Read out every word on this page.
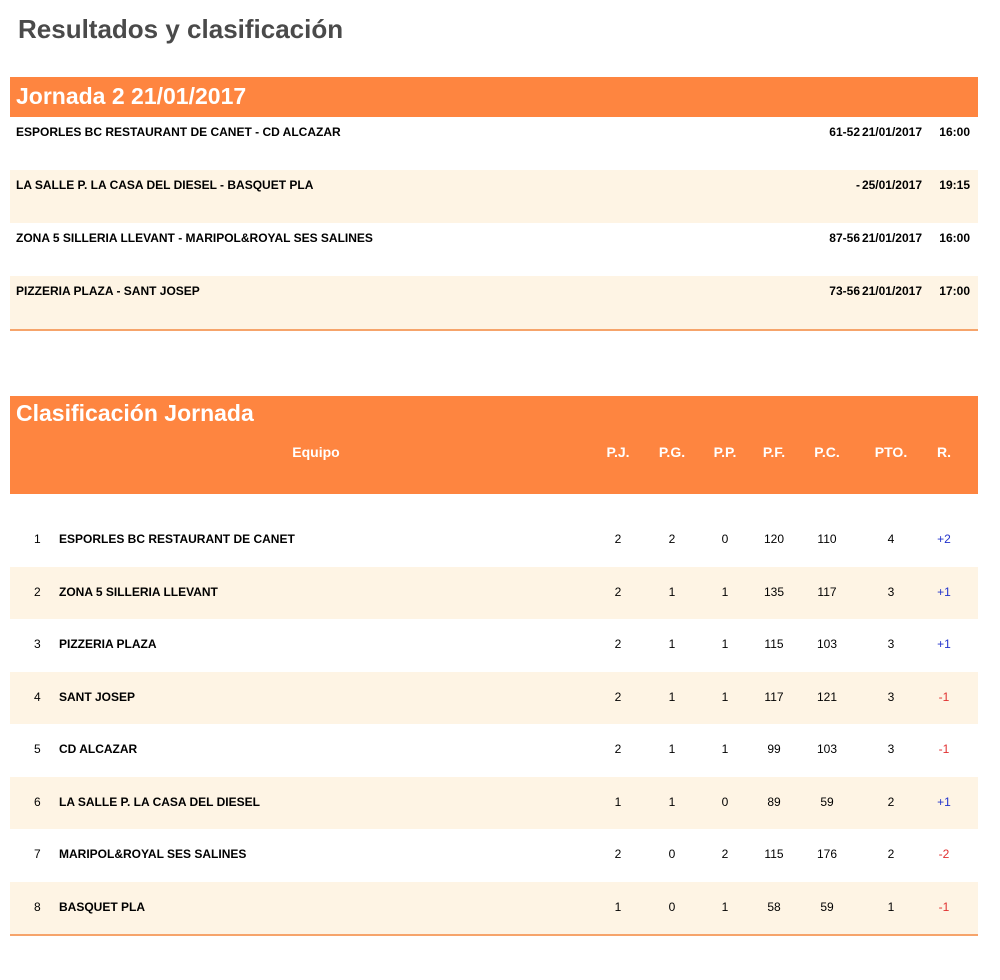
Resultados y clasificación
Jornada 2 21/01/2017
ESPORLES BC RESTAURANT DE CANET - CD ALCAZAR	61-52 21/01/2017 16:00
LA SALLE P. LA CASA DEL DIESEL - BASQUET PLA	- 25/01/2017 19:15
ZONA 5 SILLERIA LLEVANT - MARIPOL&ROYAL SES SALINES	87-56 21/01/2017 16:00
PIZZERIA PLAZA - SANT JOSEP	73-56 21/01/2017 17:00
Clasificación Jornada
Equipo	P.J. P.G. P.P. P.F. P.C.	PTO. R.
1 ESPORLES BC RESTAURANT DE CANET	2	2	0	120	110	4	+2
2 ZONA 5 SILLERIA LLEVANT	2	1	1	135	117	3	+1
3 PIZZERIA PLAZA	2	1	1	115	103	3	+1
4 SANT JOSEP	2	1	1	117	121	3	-1
5 CD ALCAZAR	2	1	1	99	103	3	-1
6 LA SALLE P. LA CASA DEL DIESEL	1	1	0	89	59	2	+1
7 MARIPOL&ROYAL SES SALINES	2	0	2	115	176	2	-2
8 BASQUET PLA	1	0	1	58	59	1	-1
